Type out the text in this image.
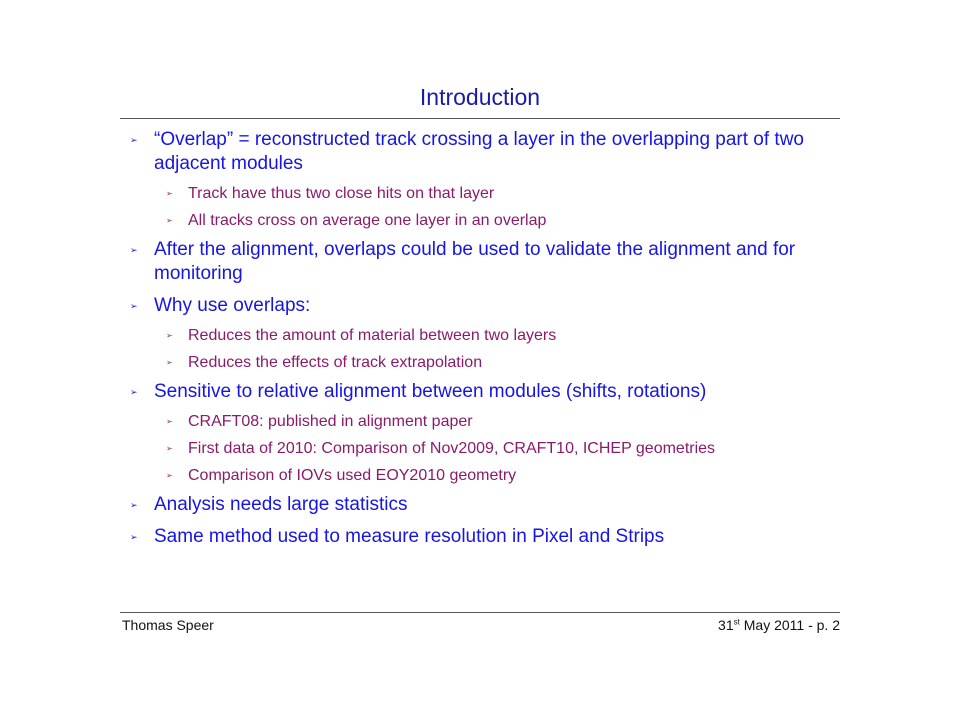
Introduction
➢ “Overlap” = reconstructed track crossing a layer in the overlapping part of two adjacent modules
➢ Track have thus two close hits on that layer
➢ All tracks cross on average one layer in an overlap
➢ After the alignment, overlaps could be used to validate the alignment and for monitoring
➢ Why use overlaps:
➢ Reduces the amount of material between two layers
➢ Reduces the effects of track extrapolation
➢ Sensitive to relative alignment between modules (shifts, rotations)
➢ CRAFT08: published in alignment paper
➢ First data of 2010: Comparison of Nov2009, CRAFT10, ICHEP geometries
➢ Comparison of IOVs used EOY2010 geometry
➢ Analysis needs large statistics
➢ Same method used to measure resolution in Pixel and Strips
Thomas Speer	31st May 2011 - p. 2
